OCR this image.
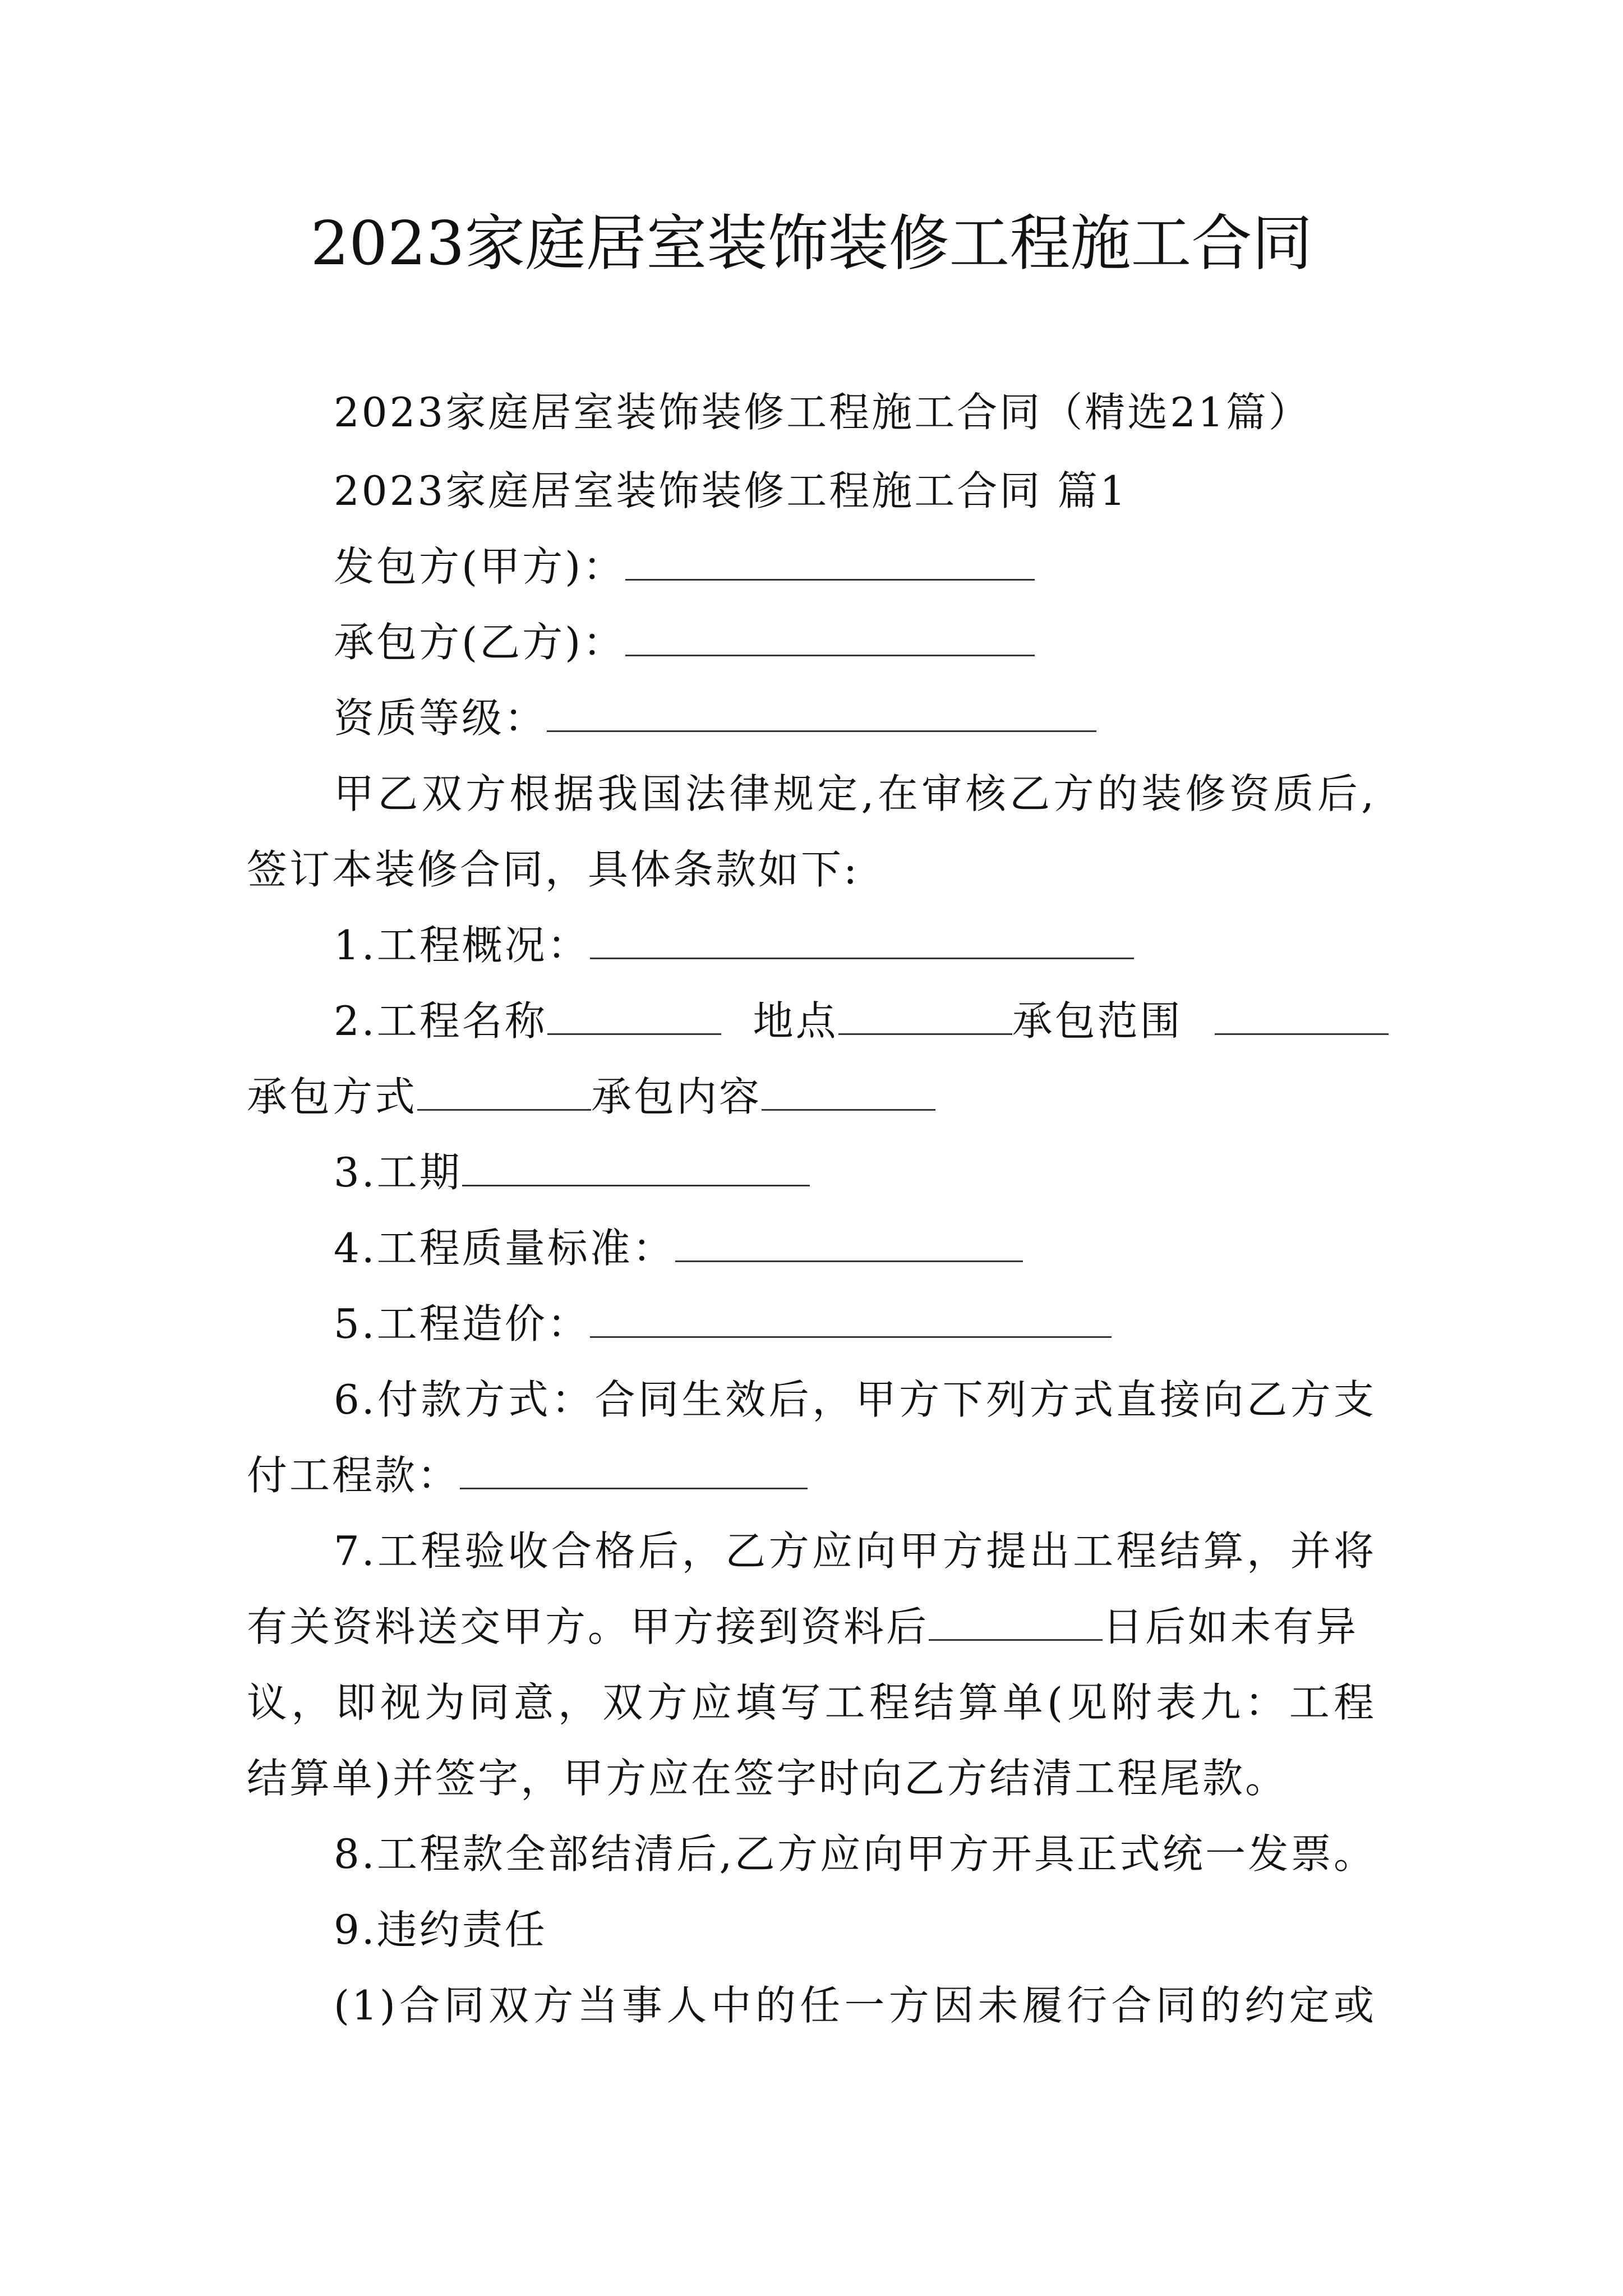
2023家庭居室装饰装修工程施工合同
2023家庭居室装饰装修工程施工合同（精选21篇）
2023家庭居室装饰装修工程施工合同 篇1
发包方(甲方)：
承包方(乙方)：
资质等级：
甲乙双方根据我国法律规定,在审核乙方的装修资质后,
签订本装修合同，具体条款如下:
1.工程概况：
2.工程名称	地点	承包范围
承包方式	承包内容
3.工期
4.工程质量标准：
5.工程造价：
6.付款方式：合同生效后，甲方下列方式直接向乙方支
付工程款：
7.工程验收合格后，乙方应向甲方提出工程结算，并将
有关资料送交甲方。甲方接到资料后	日后如未有异
议，即视为同意，双方应填写工程结算单(见附表九：工程
结算单)并签字，甲方应在签字时向乙方结清工程尾款。
8.工程款全部结清后,乙方应向甲方开具正式统一发票。
9.违约责任
(1)合同双方当事人中的任一方因未履行合同的约定或
